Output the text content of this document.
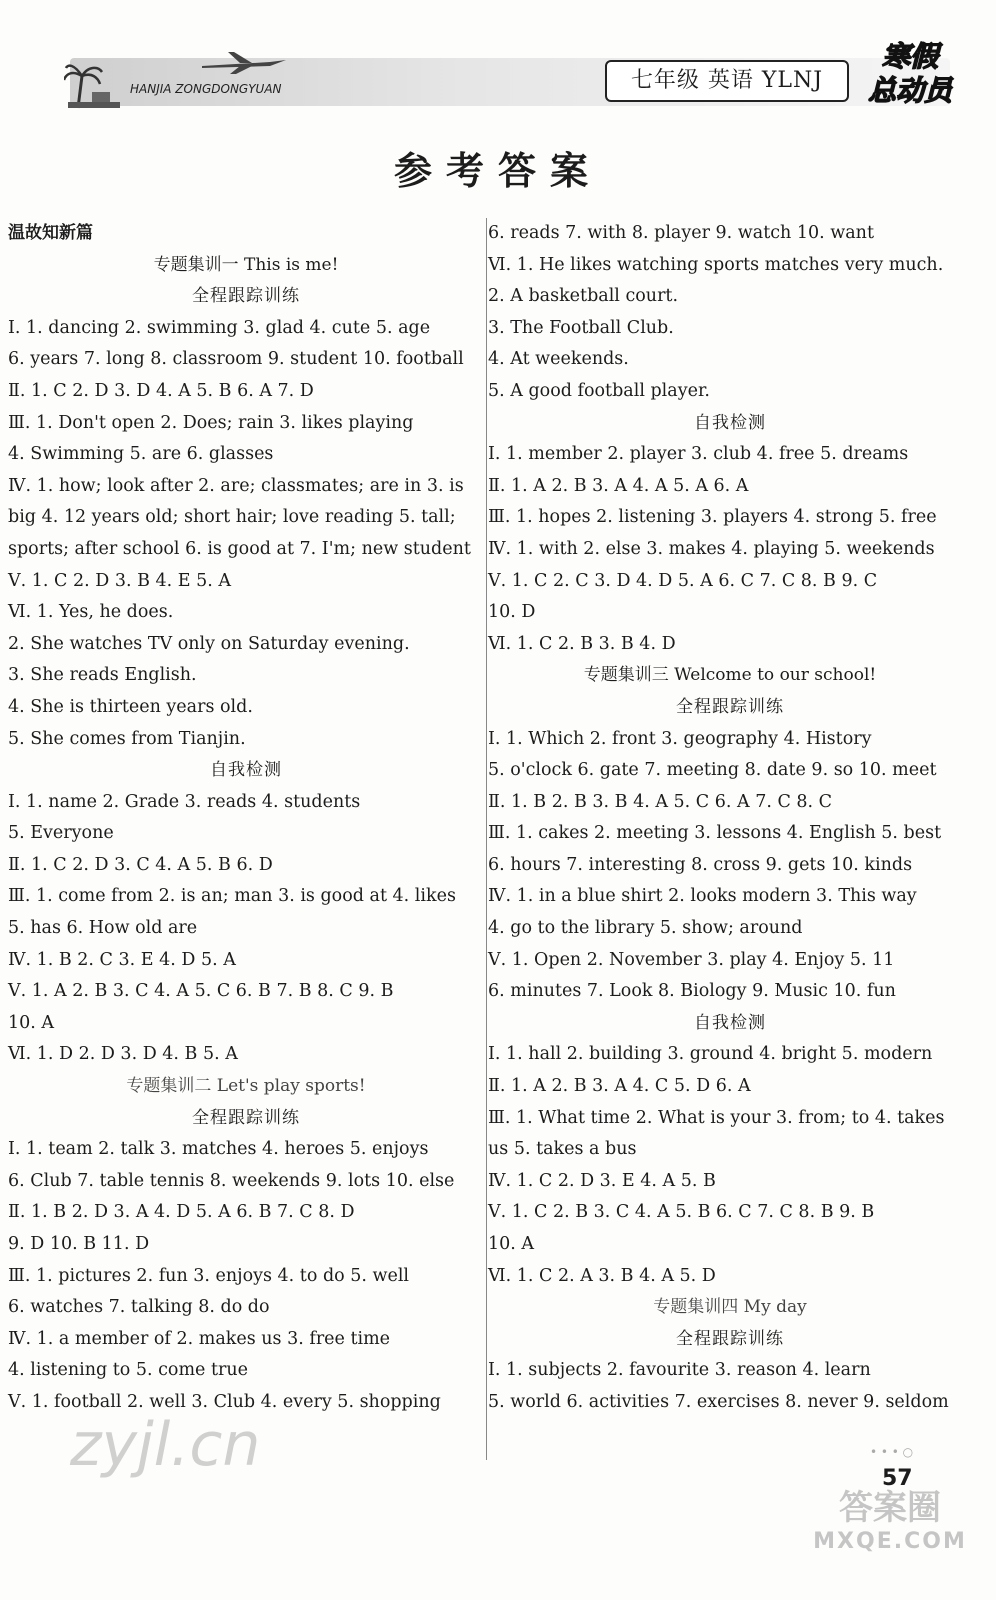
HANJIA ZONGDONGYUAN	七年级 英语 YLNJ
寒假
总动员
参考答案
温故知新篇
专题集训一 This is me!
全程跟踪训练
Ⅰ. 1. dancing 2. swimming 3. glad 4. cute 5. age
6. years 7. long 8. classroom 9. student 10. football
Ⅱ. 1. C 2. D 3. D 4. A 5. B 6. A 7. D
Ⅲ. 1. Don't open 2. Does; rain 3. likes playing
4. Swimming 5. are 6. glasses
Ⅳ. 1. how; look after 2. are; classmates; are in 3. is
big 4. 12 years old; short hair; love reading 5. tall;
sports; after school 6. is good at 7. I'm; new student
Ⅴ. 1. C 2. D 3. B 4. E 5. A
Ⅵ. 1. Yes, he does.
2. She watches TV only on Saturday evening.
3. She reads English.
4. She is thirteen years old.
5. She comes from Tianjin.
自我检测
Ⅰ. 1. name 2. Grade 3. reads 4. students
5. Everyone
Ⅱ. 1. C 2. D 3. C 4. A 5. B 6. D
Ⅲ. 1. come from 2. is an; man 3. is good at 4. likes
5. has 6. How old are
Ⅳ. 1. B 2. C 3. E 4. D 5. A
Ⅴ. 1. A 2. B 3. C 4. A 5. C 6. B 7. B 8. C 9. B
10. A
Ⅵ. 1. D 2. D 3. D 4. B 5. A
专题集训二 Let's play sports!
全程跟踪训练
Ⅰ. 1. team 2. talk 3. matches 4. heroes 5. enjoys
6. Club 7. table tennis 8. weekends 9. lots 10. else
Ⅱ. 1. B 2. D 3. A 4. D 5. A 6. B 7. C 8. D
9. D 10. B 11. D
Ⅲ. 1. pictures 2. fun 3. enjoys 4. to do 5. well
6. watches 7. talking 8. do do
Ⅳ. 1. a member of 2. makes us 3. free time
4. listening to 5. come true
Ⅴ. 1. football 2. well 3. Club 4. every 5. shopping
6. reads 7. with 8. player 9. watch 10. want
Ⅵ. 1. He likes watching sports matches very much.
2. A basketball court.
3. The Football Club.
4. At weekends.
5. A good football player.
自我检测
Ⅰ. 1. member 2. player 3. club 4. free 5. dreams
Ⅱ. 1. A 2. B 3. A 4. A 5. A 6. A
Ⅲ. 1. hopes 2. listening 3. players 4. strong 5. free
Ⅳ. 1. with 2. else 3. makes 4. playing 5. weekends
Ⅴ. 1. C 2. C 3. D 4. D 5. A 6. C 7. C 8. B 9. C
10. D
Ⅵ. 1. C 2. B 3. B 4. D
专题集训三 Welcome to our school!
全程跟踪训练
Ⅰ. 1. Which 2. front 3. geography 4. History
5. o'clock 6. gate 7. meeting 8. date 9. so 10. meet
Ⅱ. 1. B 2. B 3. B 4. A 5. C 6. A 7. C 8. C
Ⅲ. 1. cakes 2. meeting 3. lessons 4. English 5. best
6. hours 7. interesting 8. cross 9. gets 10. kinds
Ⅳ. 1. in a blue shirt 2. looks modern 3. This way
4. go to the library 5. show; around
Ⅴ. 1. Open 2. November 3. play 4. Enjoy 5. 11
6. minutes 7. Look 8. Biology 9. Music 10. fun
自我检测
Ⅰ. 1. hall 2. building 3. ground 4. bright 5. modern
Ⅱ. 1. A 2. B 3. A 4. C 5. D 6. A
Ⅲ. 1. What time 2. What is your 3. from; to 4. takes
us 5. takes a bus
Ⅳ. 1. C 2. D 3. E 4. A 5. B
Ⅴ. 1. C 2. B 3. C 4. A 5. B 6. C 7. C 8. B 9. B
10. A
Ⅵ. 1. C 2. A 3. B 4. A 5. D
专题集训四 My day
全程跟踪训练
Ⅰ. 1. subjects 2. favourite 3. reason 4. learn
5. world 6. activities 7. exercises 8. never 9. seldom
zyjl.cn	• • • ○
57
答案圈
MXQE.COM
